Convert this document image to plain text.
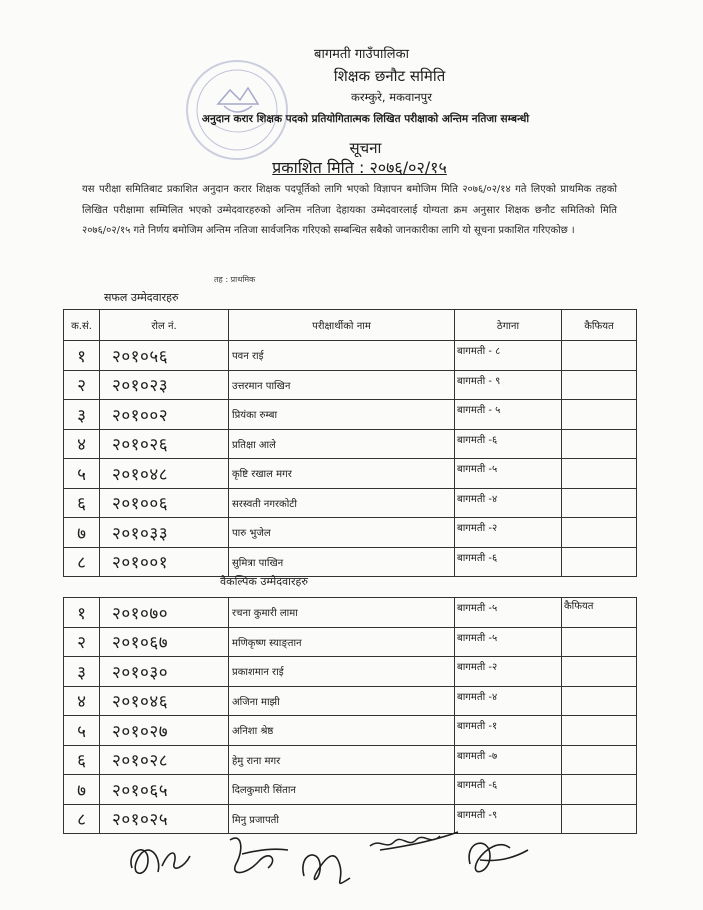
बागमती गाउँपालिका
शिक्षक छनौट समिति
करम्कुरे, मकवानपुर
अनुदान करार शिक्षक पदको प्रतियोगितात्मक लिखित परीक्षाको अन्तिम नतिजा सम्बन्धी
सूचना
प्रकाशित मिति : २०७६/०२/१५
यस परीक्षा समितिबाट प्रकाशित अनुदान करार शिक्षक पदपूर्तिको लागि भएको विज्ञापन बमोजिम मिति २०७६/०२/१४ गते लिएको प्राथमिक तहको लिखित परीक्षामा सम्मिलित भएको उम्मेदवारहरुको अन्तिम नतिजा देहायका उम्मेदवारलाई योग्यता क्रम अनुसार शिक्षक छनौट समितिको मिति २०७६/०२/१५ गते निर्णय बमोजिम अन्तिम नतिजा सार्वजनिक गरिएको सम्बन्धित सबैको जानकारीका लागि यो सूचना प्रकाशित गरिएकोछ ।
तह : प्राथमिक
सफल उम्मेदवारहरु
क.सं.	रोल नं.	परीक्षार्थीको नाम	ठेगाना	कैफियत
१	२०१०५६	पवन राई	बागमती - ८	
२	२०१०२३	उत्तरमान पाखिन	बागमती - ९	
३	२०१००२	प्रियंका रुम्बा	बागमती - ५	
४	२०१०२६	प्रतिक्षा आले	बागमती -६	
५	२०१०४८	कृष्टि रखाल मगर	बागमती -५	
६	२०१००६	सरस्वती नगरकोटी	बागमती -४	
७	२०१०३३	पारु भुजेल	बागमती -२	
८	२०१००१	सुमित्रा पाखिन	बागमती -६	
वैकल्पिक उम्मेदवारहरु
१	२०१०७०	रचना कुमारी लामा	बागमती -५	कैफियत
२	२०१०६७	मणिकृष्ण स्याङ्तान	बागमती -५	
३	२०१०३०	प्रकाशमान राई	बागमती -२	
४	२०१०४६	अजिना माझी	बागमती -४	
५	२०१०२७	अनिशा श्रेष्ठ	बागमती -१	
६	२०१०२८	हेमु राना मगर	बागमती -७	
७	२०१०६५	दिलकुमारी सिंतान	बागमती -६	
८	२०१०२५	मिनु प्रजापती	बागमती -९	
